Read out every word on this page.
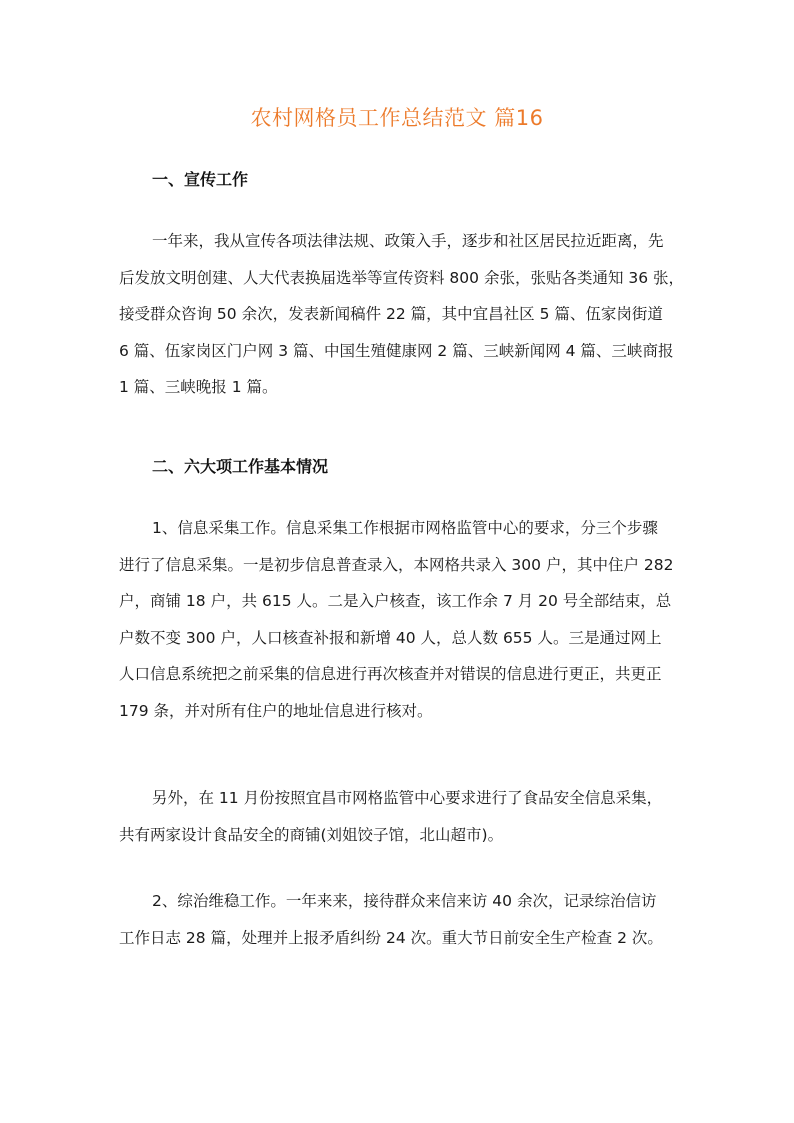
农村网格员工作总结范文 篇16
一、宣传工作
一年来，我从宣传各项法律法规、政策入手，逐步和社区居民拉近距离，先
后发放文明创建、人大代表换届选举等宣传资料 800 余张，张贴各类通知 36 张，
接受群众咨询 50 余次，发表新闻稿件 22 篇，其中宜昌社区 5 篇、伍家岗街道
6 篇、伍家岗区门户网 3 篇、中国生殖健康网 2 篇、三峡新闻网 4 篇、三峡商报
1 篇、三峡晚报 1 篇。
二、六大项工作基本情况
1、信息采集工作。信息采集工作根据市网格监管中心的要求，分三个步骤
进行了信息采集。一是初步信息普查录入，本网格共录入 300 户，其中住户 282
户，商铺 18 户，共 615 人。二是入户核查，该工作余 7 月 20 号全部结束，总
户数不变 300 户，人口核查补报和新增 40 人，总人数 655 人。三是通过网上
人口信息系统把之前采集的信息进行再次核查并对错误的信息进行更正，共更正
179 条，并对所有住户的地址信息进行核对。
另外，在 11 月份按照宜昌市网格监管中心要求进行了食品安全信息采集，
共有两家设计食品安全的商铺(刘姐饺子馆，北山超市)。
2、综治维稳工作。一年来来，接待群众来信来访 40 余次，记录综治信访
工作日志 28 篇，处理并上报矛盾纠纷 24 次。重大节日前安全生产检查 2 次。
